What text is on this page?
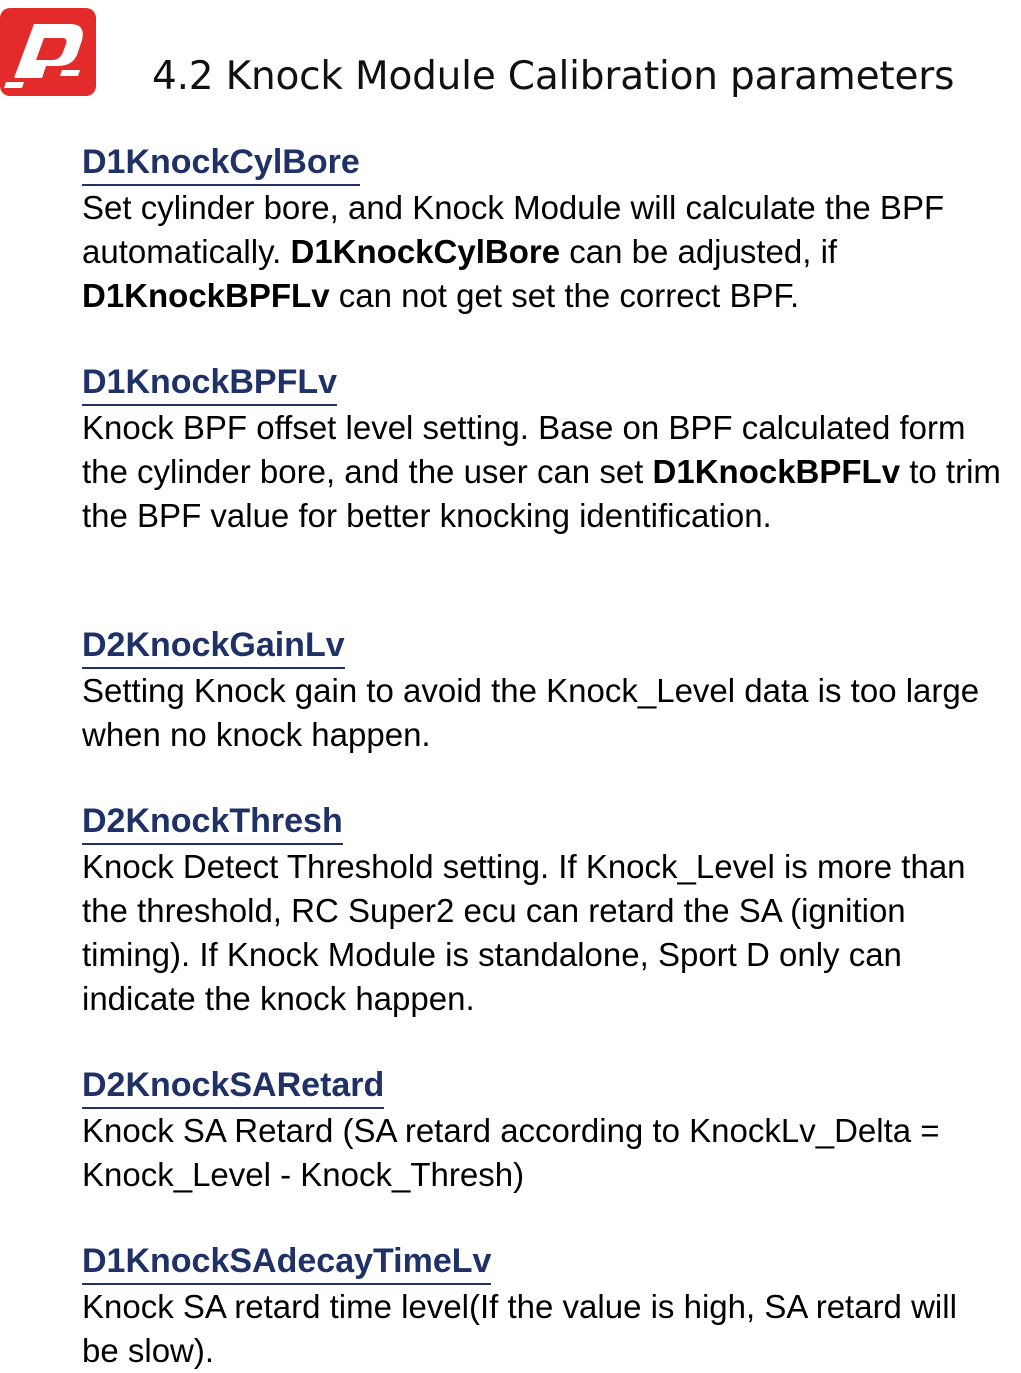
4.2 Knock Module Calibration parameters
D1KnockCylBore

Set cylinder bore, and Knock Module will calculate the BPF automatically. D1KnockCylBore can be adjusted, if D1KnockBPFLv can not get set the correct BPF.

D1KnockBPFLv

Knock BPF offset level setting. Base on BPF calculated form the cylinder bore, and the user can set D1KnockBPFLv to trim the BPF value for better knocking identification.

D2KnockGainLv

Setting Knock gain to avoid the Knock_Level data is too large when no knock happen.

D2KnockThresh

Knock Detect Threshold setting. If Knock_Level is more than the threshold, RC Super2 ecu can retard the SA (ignition timing). If Knock Module is standalone, Sport D only can indicate the knock happen.

D2KnockSARetard

Knock SA Retard (SA retard according to KnockLv_Delta = Knock_Level - Knock_Thresh)

D1KnockSAdecayTimeLv

Knock SA retard time level(If the value is high, SA retard will be slow).
